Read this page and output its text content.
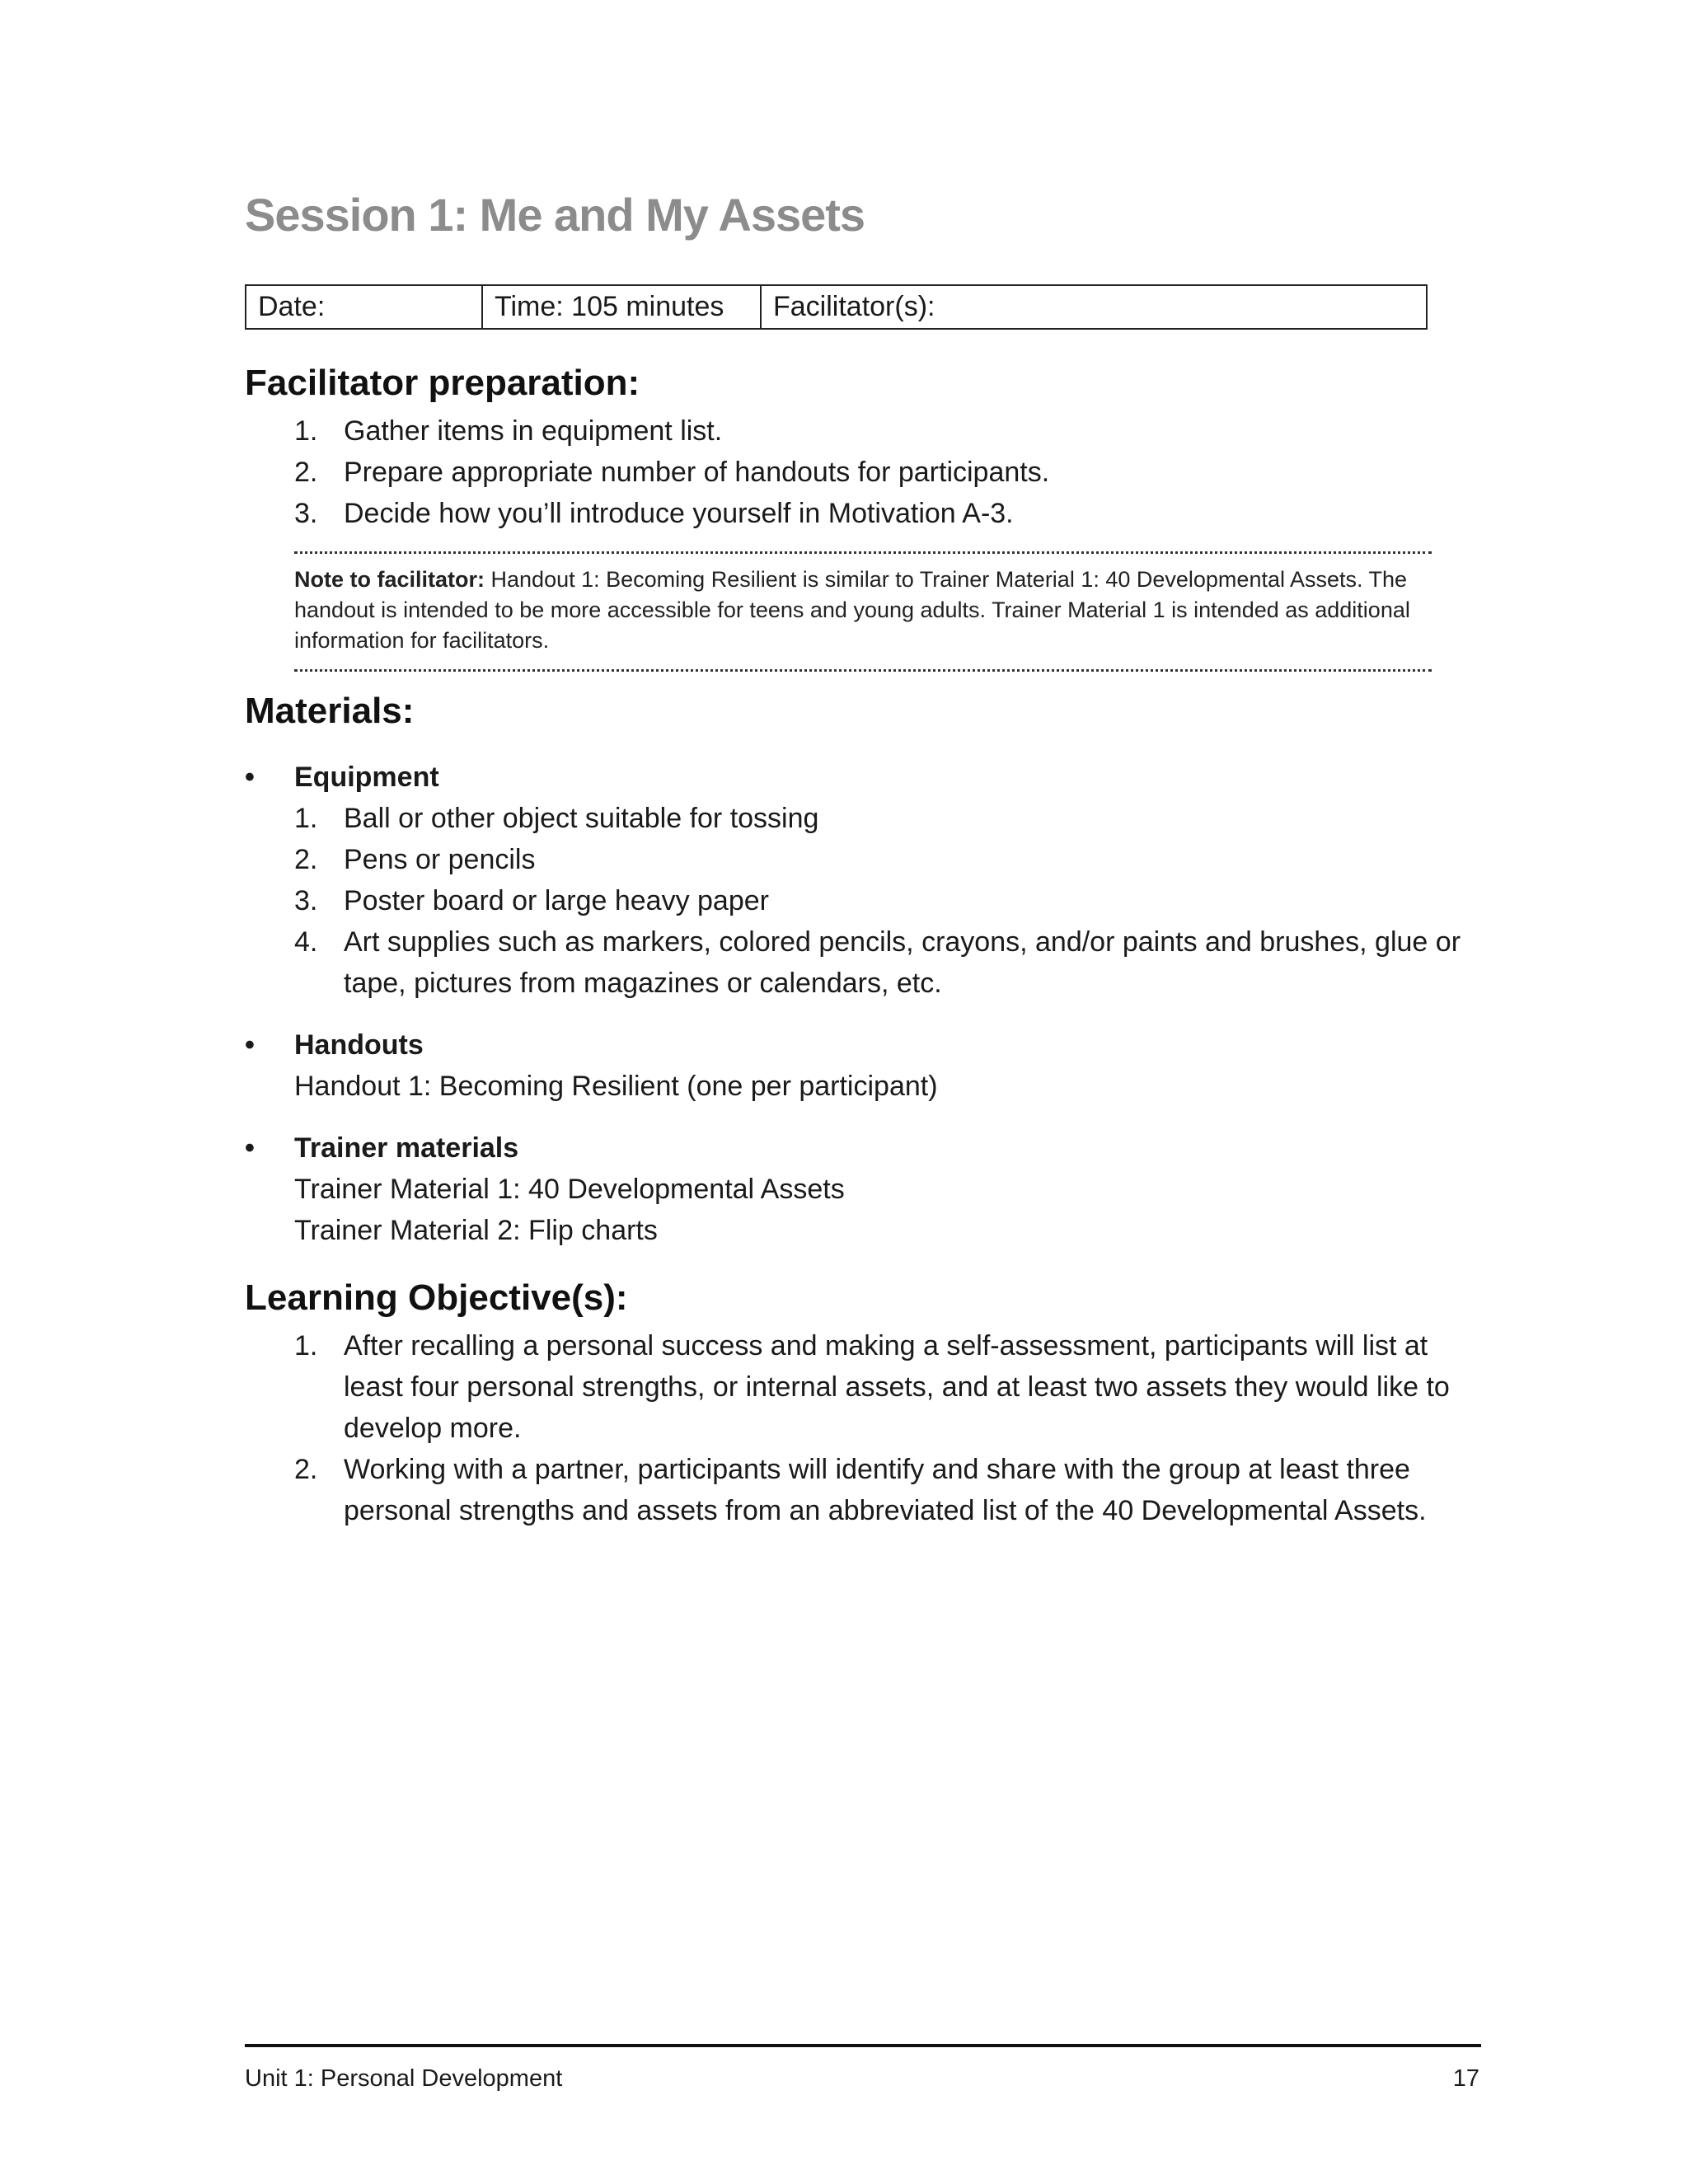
Session 1: Me and My Assets
Date:	Time: 105 minutes	Facilitator(s):
Facilitator preparation:
1. Gather items in equipment list.
2. Prepare appropriate number of handouts for participants.
3. Decide how you’ll introduce yourself in Motivation A-3.
Note to facilitator: Handout 1: Becoming Resilient is similar to Trainer Material 1: 40 Developmental Assets. The handout is intended to be more accessible for teens and young adults. Trainer Material 1 is intended as additional information for facilitators.
Materials:
• Equipment
1. Ball or other object suitable for tossing
2. Pens or pencils
3. Poster board or large heavy paper
4. Art supplies such as markers, colored pencils, crayons, and/or paints and brushes, glue or tape, pictures from magazines or calendars, etc.
• Handouts
Handout 1: Becoming Resilient (one per participant)
• Trainer materials
Trainer Material 1: 40 Developmental Assets
Trainer Material 2: Flip charts
Learning Objective(s):
1. After recalling a personal success and making a self-assessment, participants will list at least four personal strengths, or internal assets, and at least two assets they would like to develop more.
2. Working with a partner, participants will identify and share with the group at least three personal strengths and assets from an abbreviated list of the 40 Developmental Assets.
Unit 1: Personal Development	17
